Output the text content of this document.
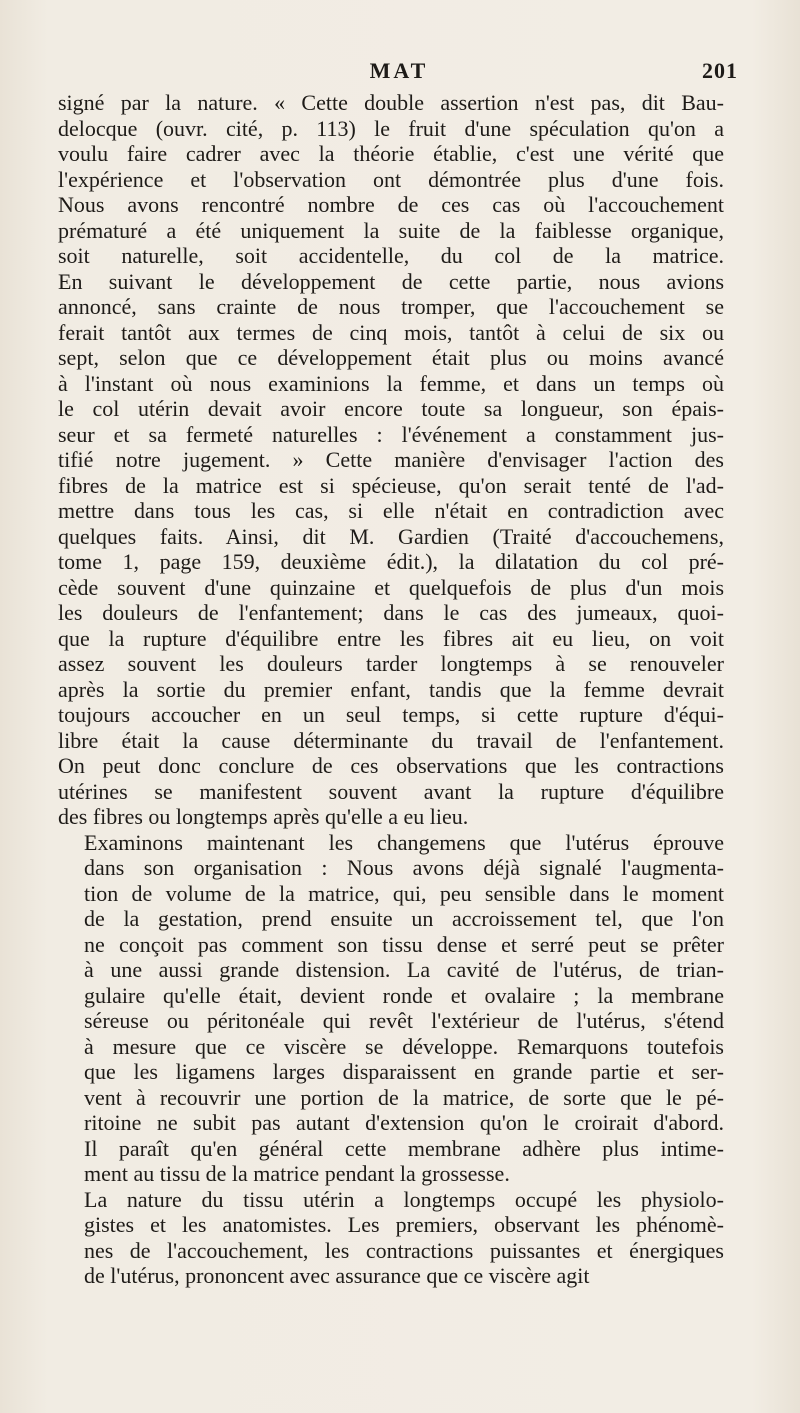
MAT	201

signé par la nature. « Cette double assertion n'est pas, dit Bau-
delocque (ouvr. cité, p. 113) le fruit d'une spéculation qu'on a
voulu faire cadrer avec la théorie établie, c'est une vérité que
l'expérience et l'observation ont démontrée plus d'une fois.
Nous avons rencontré nombre de ces cas où l'accouchement
prématuré a été uniquement la suite de la faiblesse organique,
soit naturelle, soit accidentelle, du col de la matrice.
En suivant le développement de cette partie, nous avions
annoncé, sans crainte de nous tromper, que l'accouchement se
ferait tantôt aux termes de cinq mois, tantôt à celui de six ou
sept, selon que ce développement était plus ou moins avancé
à l'instant où nous examinions la femme, et dans un temps où
le col utérin devait avoir encore toute sa longueur, son épais-
seur et sa fermeté naturelles : l'événement a constamment jus-
tifié notre jugement. » Cette manière d'envisager l'action des
fibres de la matrice est si spécieuse, qu'on serait tenté de l'ad-
mettre dans tous les cas, si elle n'était en contradiction avec
quelques faits. Ainsi, dit M. Gardien (Traité d'accouchemens,
tome 1, page 159, deuxième édit.), la dilatation du col pré-
cède souvent d'une quinzaine et quelquefois de plus d'un mois
les douleurs de l'enfantement; dans le cas des jumeaux, quoi-
que la rupture d'équilibre entre les fibres ait eu lieu, on voit
assez souvent les douleurs tarder longtemps à se renouveler
après la sortie du premier enfant, tandis que la femme devrait
toujours accoucher en un seul temps, si cette rupture d'équi-
libre était la cause déterminante du travail de l'enfantement.
On peut donc conclure de ces observations que les contractions
utérines se manifestent souvent avant la rupture d'équilibre
des fibres ou longtemps après qu'elle a eu lieu.

Examinons maintenant les changemens que l'utérus éprouve
dans son organisation : Nous avons déjà signalé l'augmenta-
tion de volume de la matrice, qui, peu sensible dans le moment
de la gestation, prend ensuite un accroissement tel, que l'on
ne conçoit pas comment son tissu dense et serré peut se prêter
à une aussi grande distension. La cavité de l'utérus, de trian-
gulaire qu'elle était, devient ronde et ovalaire ; la membrane
séreuse ou péritonéale qui revêt l'extérieur de l'utérus, s'étend
à mesure que ce viscère se développe. Remarquons toutefois
que les ligamens larges disparaissent en grande partie et ser-
vent à recouvrir une portion de la matrice, de sorte que le pé-
ritoine ne subit pas autant d'extension qu'on le croirait d'abord.
Il paraît qu'en général cette membrane adhère plus intime-
ment au tissu de la matrice pendant la grossesse.

La nature du tissu utérin a longtemps occupé les physiolo-
gistes et les anatomistes. Les premiers, observant les phénomè-
nes de l'accouchement, les contractions puissantes et énergiques
de l'utérus, prononcent avec assurance que ce viscère agit
